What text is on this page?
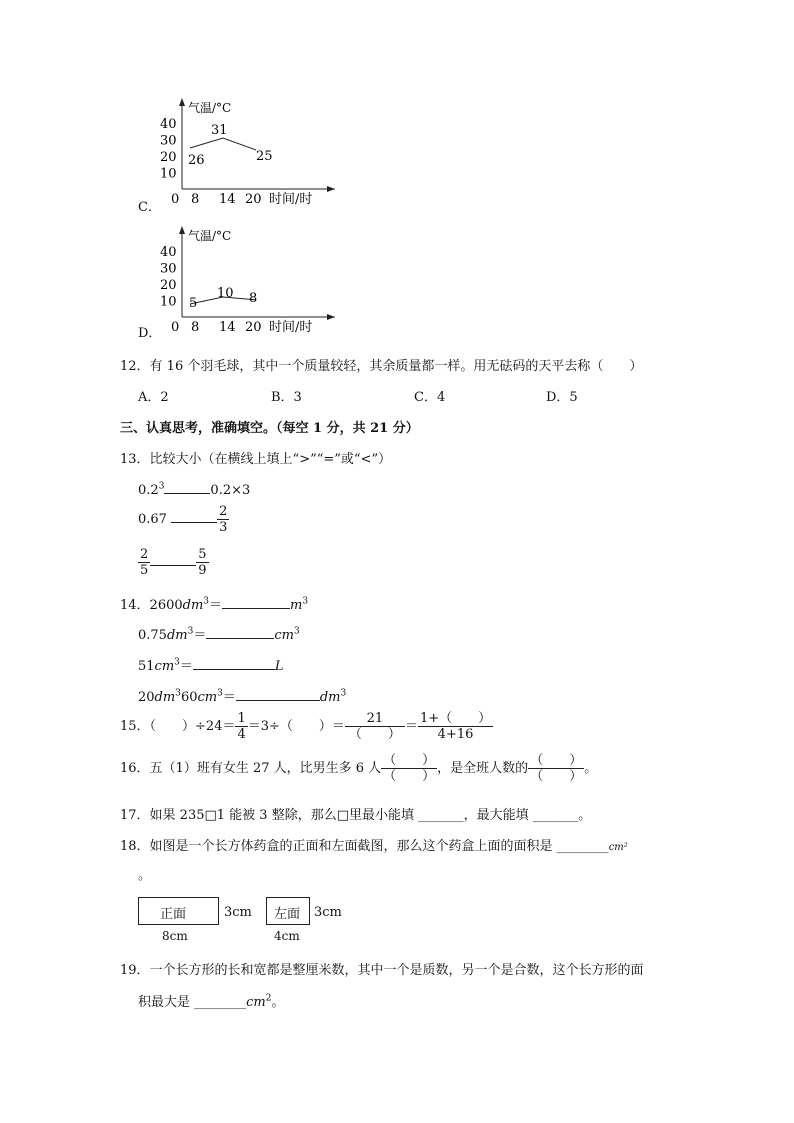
C．
气温/°C
40
30
20
10
0 8 14 20 时间/时
26
31
25
D．
气温/°C
40
30
20
10
0 8 14 20 时间/时
5
10 8
12．有 16 个羽毛球，其中一个质量较轻，其余质量都一样。用无砝码的天平去称（　　）
A．2	B．3	C．4	D．5
三、认真思考，准确填空。（每空 1 分，共 21 分）
13．比较大小（在横线上填上“>”“=”或“<”）
$0.2^3$	0.2×3
0.67	$\frac{2}{3}$
$\frac{2}{5}$	$\frac{5}{9}$
14．$2600dm^3=$	$m^3$
$0.75dm^3=$	$cm^3$
$51cm^3=$	L
$20dm^360cm^3=$	$dm^3$
15．（　　）$\div 24= \frac{1}{4} =3\div$（　　）＝ $\frac{21}{( )} = \frac{1+( )}{4+16}$
16．五（1）班有女生 27 人，比男生多 6 人 $\frac{( )}{( )}$ ，是全班人数的 $\frac{( )}{( )}$ 。
17．如果 235□1 能被 3 整除，那么□里最小能填 _______，最大能填 _______。
18．如图是一个长方体药盒的正面和左面截图，那么这个药盒上面的面积是 ________cm²
。
正面	3cm
8cm
左面 3cm
4cm
19．一个长方形的长和宽都是整厘米数，其中一个是质数，另一个是合数，这个长方形的面
积最大是 $\_\_\_\_\_\_\_\_cm^2$。
